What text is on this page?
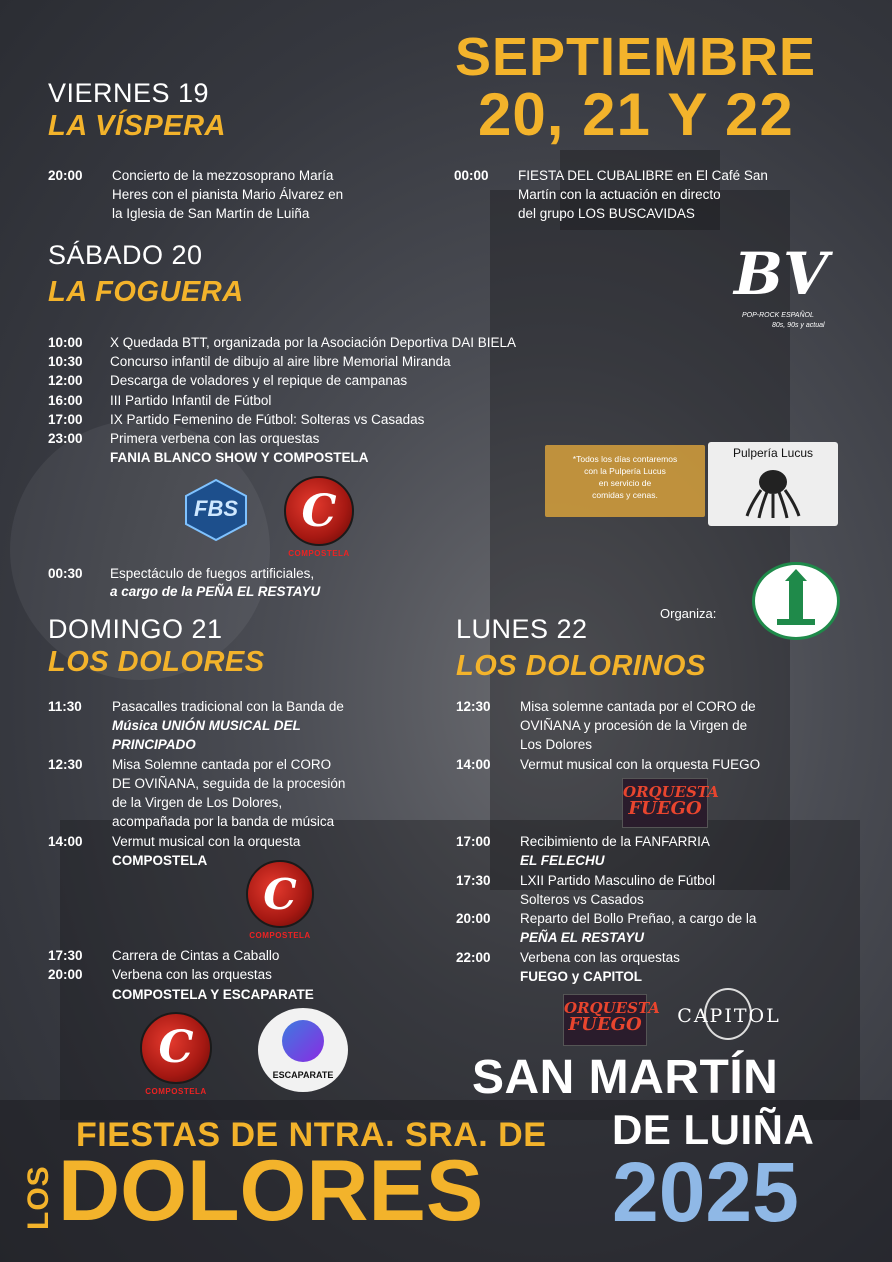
SEPTIEMBRE
20, 21 Y 22
VIERNES 19
LA VÍSPERA
20:00 Concierto de la mezzosoprano María
Heres con el pianista Mario Álvarez en
la Iglesia de San Martín de Luiña
00:00 FIESTA DEL CUBALIBRE en El Café San
Martín con la actuación en directo
del grupo LOS BUSCAVIDAS
BV
POP-ROCK ESPAÑOL
80s, 90s y actual
SÁBADO 20
LA FOGUERA
FANIA BLANCO SHOW Y COMPOSTELA
FBS	C
COMPOSTELA
00:30 Espectáculo de fuegos artificiales,
a cargo de la PEÑA EL RESTAYU
*Todos los días contaremos
con la Pulpería Lucus
en servicio de
comidas y cenas.
Pulpería Lucus
Organiza:
DOMINGO 21
LOS DOLORES
11:30 Pasacalles tradicional con la Banda de
Música UNIÓN MUSICAL DEL
PRINCIPADO
12:30 Misa Solemne cantada por el CORO
DE OVIÑANA, seguida de la procesión
de la Virgen de Los Dolores,
acompañada por la banda de música
14:00 Vermut musical con la orquesta
COMPOSTELA
C
COMPOSTELA
17:30 Carrera de Cintas a Caballo
20:00 Verbena con las orquestas
COMPOSTELA Y ESCAPARATE
C
COMPOSTELA
ESCAPARATE
LUNES 22
LOS DOLORINOS
12:30 Misa solemne cantada por el CORO de
OVIÑANA y procesión de la Virgen de
Los Dolores
14:00 Vermut musical con la orquesta FUEGO
ORQUESTA
FUEGO
17:00 Recibimiento de la FANFARRIA
EL FELECHU
17:30 LXII Partido Masculino de Fútbol
Solteros vs Casados
20:00 Reparto del Bollo Preñao, a cargo de la
PEÑA EL RESTAYU
22:00 Verbena con las orquestas
FUEGO y CAPITOL
ORQUESTA
FUEGO	CAPITOL
SAN MARTÍN
DE LUIÑA
LOS
FIESTAS DE NTRA. SRA. DE
DOLORES 2025
10:00 X Quedada BTT, organizada por la Asociación Deportiva DAI BIELA
10:30 Concurso infantil de dibujo al aire libre Memorial Miranda
12:00 Descarga de voladores y el repique de campanas
16:00 III Partido Infantil de Fútbol
17:00 IX Partido Femenino de Fútbol: Solteras vs Casadas
23:00 Primera verbena con las orquestas
